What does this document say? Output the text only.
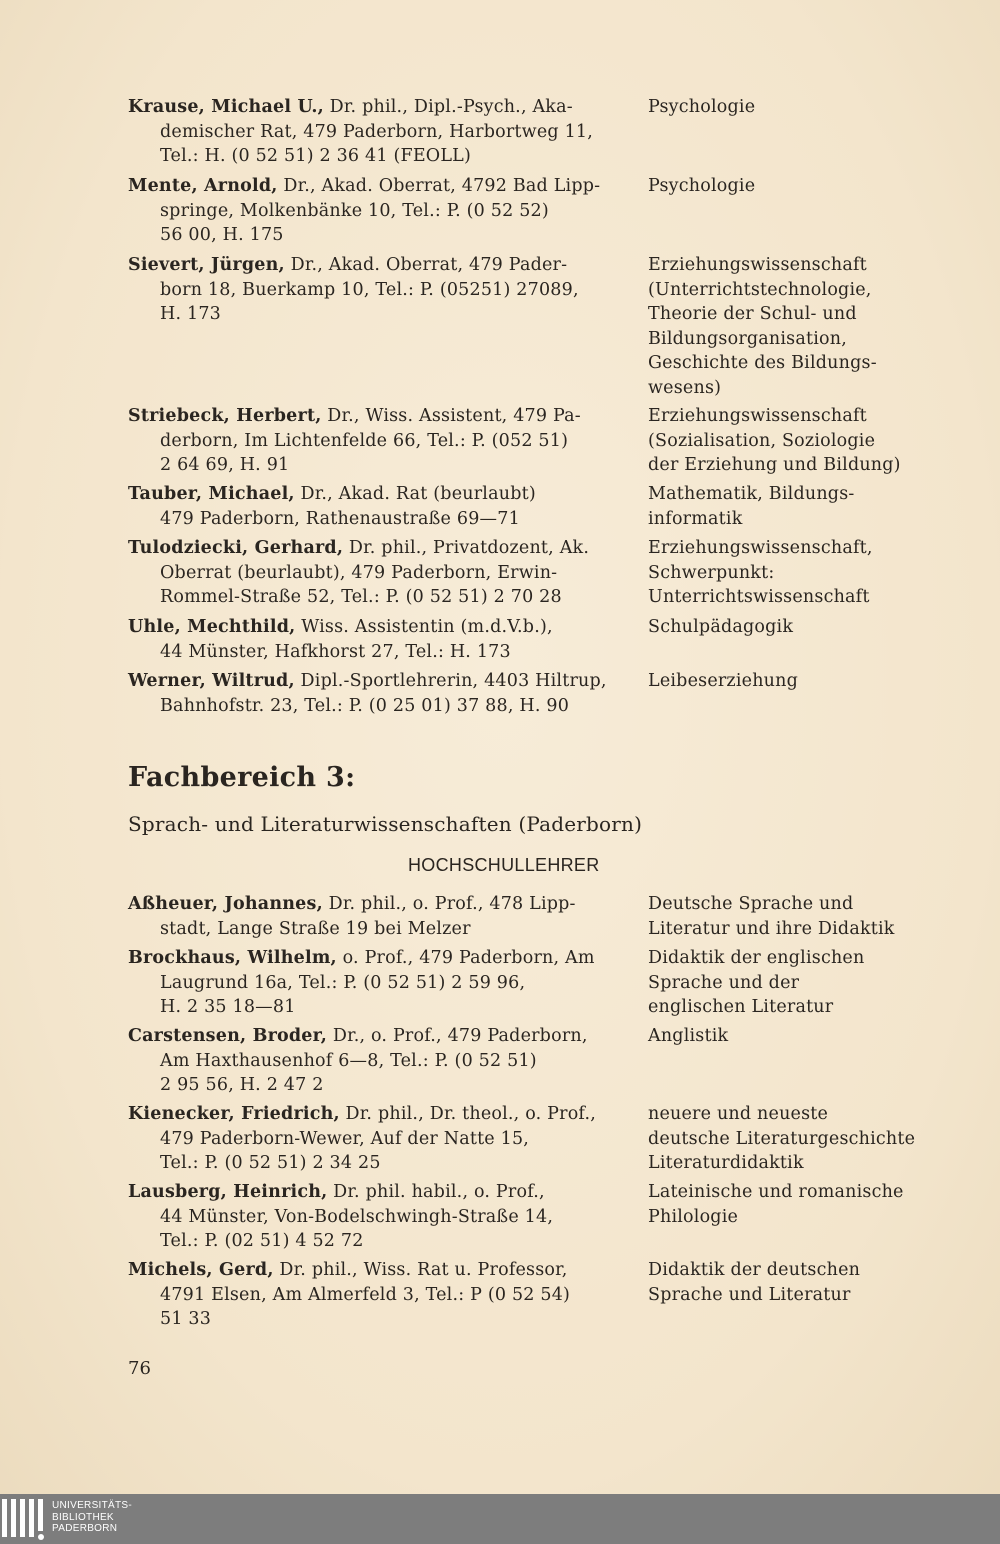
Krause, Michael U., Dr. phil., Dipl.-Psych., Aka-
demischer Rat, 479 Paderborn, Harbortweg 11,
Tel.: H. (0 52 51) 2 36 41 (FEOLL)
Psychologie
Mente, Arnold, Dr., Akad. Oberrat, 4792 Bad Lipp-
springe, Molkenbänke 10, Tel.: P. (0 52 52)
56 00, H. 175
Psychologie
Sievert, Jürgen, Dr., Akad. Oberrat, 479 Pader-
born 18, Buerkamp 10, Tel.: P. (05251) 27089,
H. 173
Erziehungswissenschaft
(Unterrichtstechnologie,
Theorie der Schul- und
Bildungsorganisation,
Geschichte des Bildungs-
wesens)
Striebeck, Herbert, Dr., Wiss. Assistent, 479 Pa-
derborn, Im Lichtenfelde 66, Tel.: P. (052 51)
2 64 69, H. 91
Erziehungswissenschaft
(Sozialisation, Soziologie
der Erziehung und Bildung)
Tauber, Michael, Dr., Akad. Rat (beurlaubt)
479 Paderborn, Rathenaustraße 69—71
Mathematik, Bildungs-
informatik
Tulodziecki, Gerhard, Dr. phil., Privatdozent, Ak.
Oberrat (beurlaubt), 479 Paderborn, Erwin-
Rommel-Straße 52, Tel.: P. (0 52 51) 2 70 28
Erziehungswissenschaft,
Schwerpunkt:
Unterrichtswissenschaft
Uhle, Mechthild, Wiss. Assistentin (m.d.V.b.),
44 Münster, Hafkhorst 27, Tel.: H. 173
Schulpädagogik
Werner, Wiltrud, Dipl.-Sportlehrerin, 4403 Hiltrup,
Bahnhofstr. 23, Tel.: P. (0 25 01) 37 88, H. 90
Leibeserziehung
Fachbereich 3:
Sprach- und Literaturwissenschaften (Paderborn)
HOCHSCHULLEHRER
Aßheuer, Johannes, Dr. phil., o. Prof., 478 Lipp-
stadt, Lange Straße 19 bei Melzer
Deutsche Sprache und
Literatur und ihre Didaktik
Brockhaus, Wilhelm, o. Prof., 479 Paderborn, Am
Laugrund 16a, Tel.: P. (0 52 51) 2 59 96,
H. 2 35 18—81
Didaktik der englischen
Sprache und der
englischen Literatur
Carstensen, Broder, Dr., o. Prof., 479 Paderborn,
Am Haxthausenhof 6—8, Tel.: P. (0 52 51)
2 95 56, H. 2 47 2
Anglistik
Kienecker, Friedrich, Dr. phil., Dr. theol., o. Prof.,
479 Paderborn-Wewer, Auf der Natte 15,
Tel.: P. (0 52 51) 2 34 25
neuere und neueste
deutsche Literaturgeschichte
Literaturdidaktik
Lausberg, Heinrich, Dr. phil. habil., o. Prof.,
44 Münster, Von-Bodelschwingh-Straße 14,
Tel.: P. (02 51) 4 52 72
Lateinische und romanische
Philologie
Michels, Gerd, Dr. phil., Wiss. Rat u. Professor,
4791 Elsen, Am Almerfeld 3, Tel.: P (0 52 54)
51 33
Didaktik der deutschen
Sprache und Literatur
76
UNIVERSITÄTS-
BIBLIOTHEK
PADERBORN
